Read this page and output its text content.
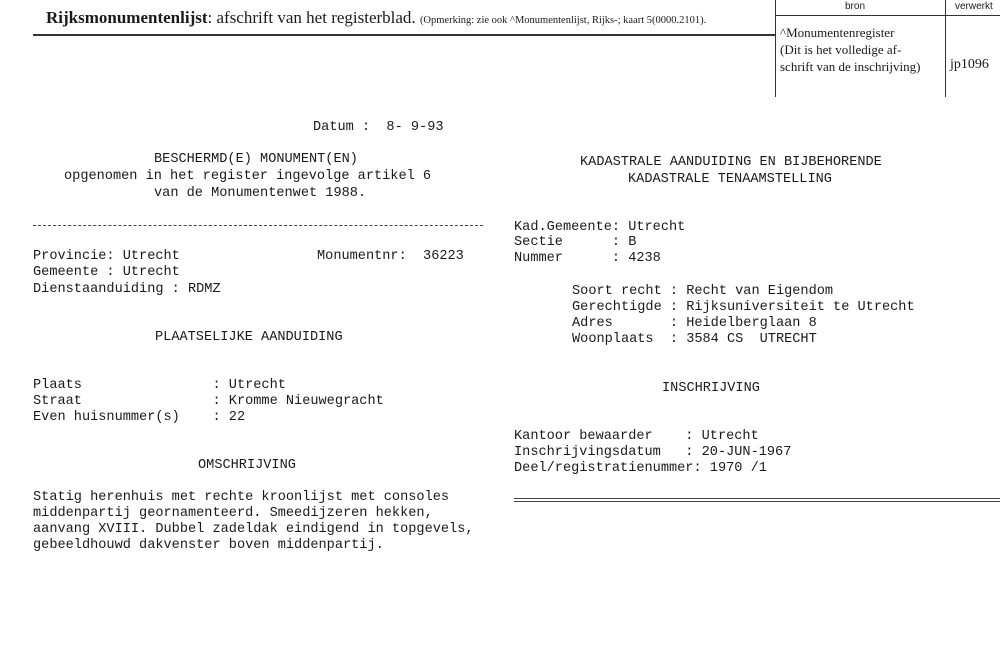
Rijksmonumentenlijst: afschrift van het registerblad. (Opmerking: zie ook ^Monumentenlijst, Rijks-; kaart 5(0000.2101).
bron	verwerkt
^Monumentenregister
(Dit is het volledige af-
schrift van de inschrijving) jp1096
Datum :  8- 9-93
BESCHERMD(E) MONUMENT(EN)
opgenomen in het register ingevolge artikel 6
van de Monumentenwet 1988.
Provincie: Utrecht	Monumentnr:  36223
Gemeente : Utrecht
Dienstaanduiding : RDMZ
PLAATSELIJKE AANDUIDING
Plaats                : Utrecht
Straat                : Kromme Nieuwegracht
Even huisnummer(s)    : 22
OMSCHRIJVING
Statig herenhuis met rechte kroonlijst met consoles
middenpartij geornamenteerd. Smeedijzeren hekken,
aanvang XVIII. Dubbel zadeldak eindigend in topgevels,
gebeeldhouwd dakvenster boven middenpartij.
KADASTRALE AANDUIDING EN BIJBEHORENDE
KADASTRALE TENAAMSTELLING
Kad.Gemeente: Utrecht
Sectie      : B
Nummer      : 4238
Soort recht : Recht van Eigendom
Gerechtigde : Rijksuniversiteit te Utrecht
Adres       : Heidelberglaan 8
Woonplaats  : 3584 CS  UTRECHT
INSCHRIJVING
Kantoor bewaarder    : Utrecht
Inschrijvingsdatum   : 20-JUN-1967
Deel/registratienummer: 1970 /1
